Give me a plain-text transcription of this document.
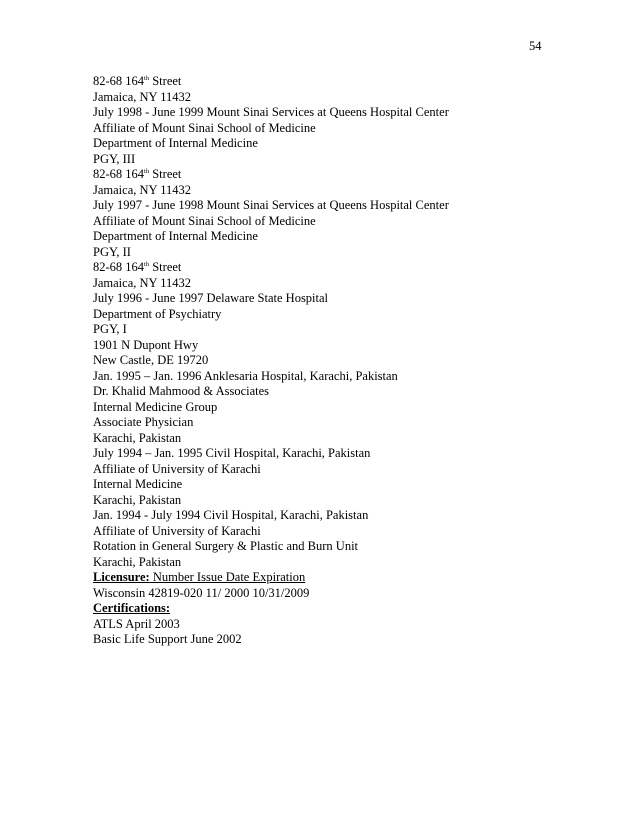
54
82-68 164th Street
Jamaica, NY 11432
July 1998 - June 1999 Mount Sinai Services at Queens Hospital Center
Affiliate of Mount Sinai School of Medicine
Department of Internal Medicine
PGY, III
82-68 164th Street
Jamaica, NY 11432
July 1997 - June 1998 Mount Sinai Services at Queens Hospital Center
Affiliate of Mount Sinai School of Medicine
Department of Internal Medicine
PGY, II
82-68 164th Street
Jamaica, NY 11432
July 1996 - June 1997 Delaware State Hospital
Department of Psychiatry
PGY, I
1901 N Dupont Hwy
New Castle, DE 19720
Jan. 1995 – Jan. 1996 Anklesaria Hospital, Karachi, Pakistan
Dr. Khalid Mahmood & Associates
Internal Medicine Group
Associate Physician
Karachi, Pakistan
July 1994 – Jan. 1995 Civil Hospital, Karachi, Pakistan
Affiliate of University of Karachi
Internal Medicine
Karachi, Pakistan
Jan. 1994 - July 1994 Civil Hospital, Karachi, Pakistan
Affiliate of University of Karachi
Rotation in General Surgery & Plastic and Burn Unit
Karachi, Pakistan
Licensure: Number Issue Date Expiration
Wisconsin 42819-020 11/ 2000 10/31/2009
Certifications:
ATLS April 2003
Basic Life Support June 2002
